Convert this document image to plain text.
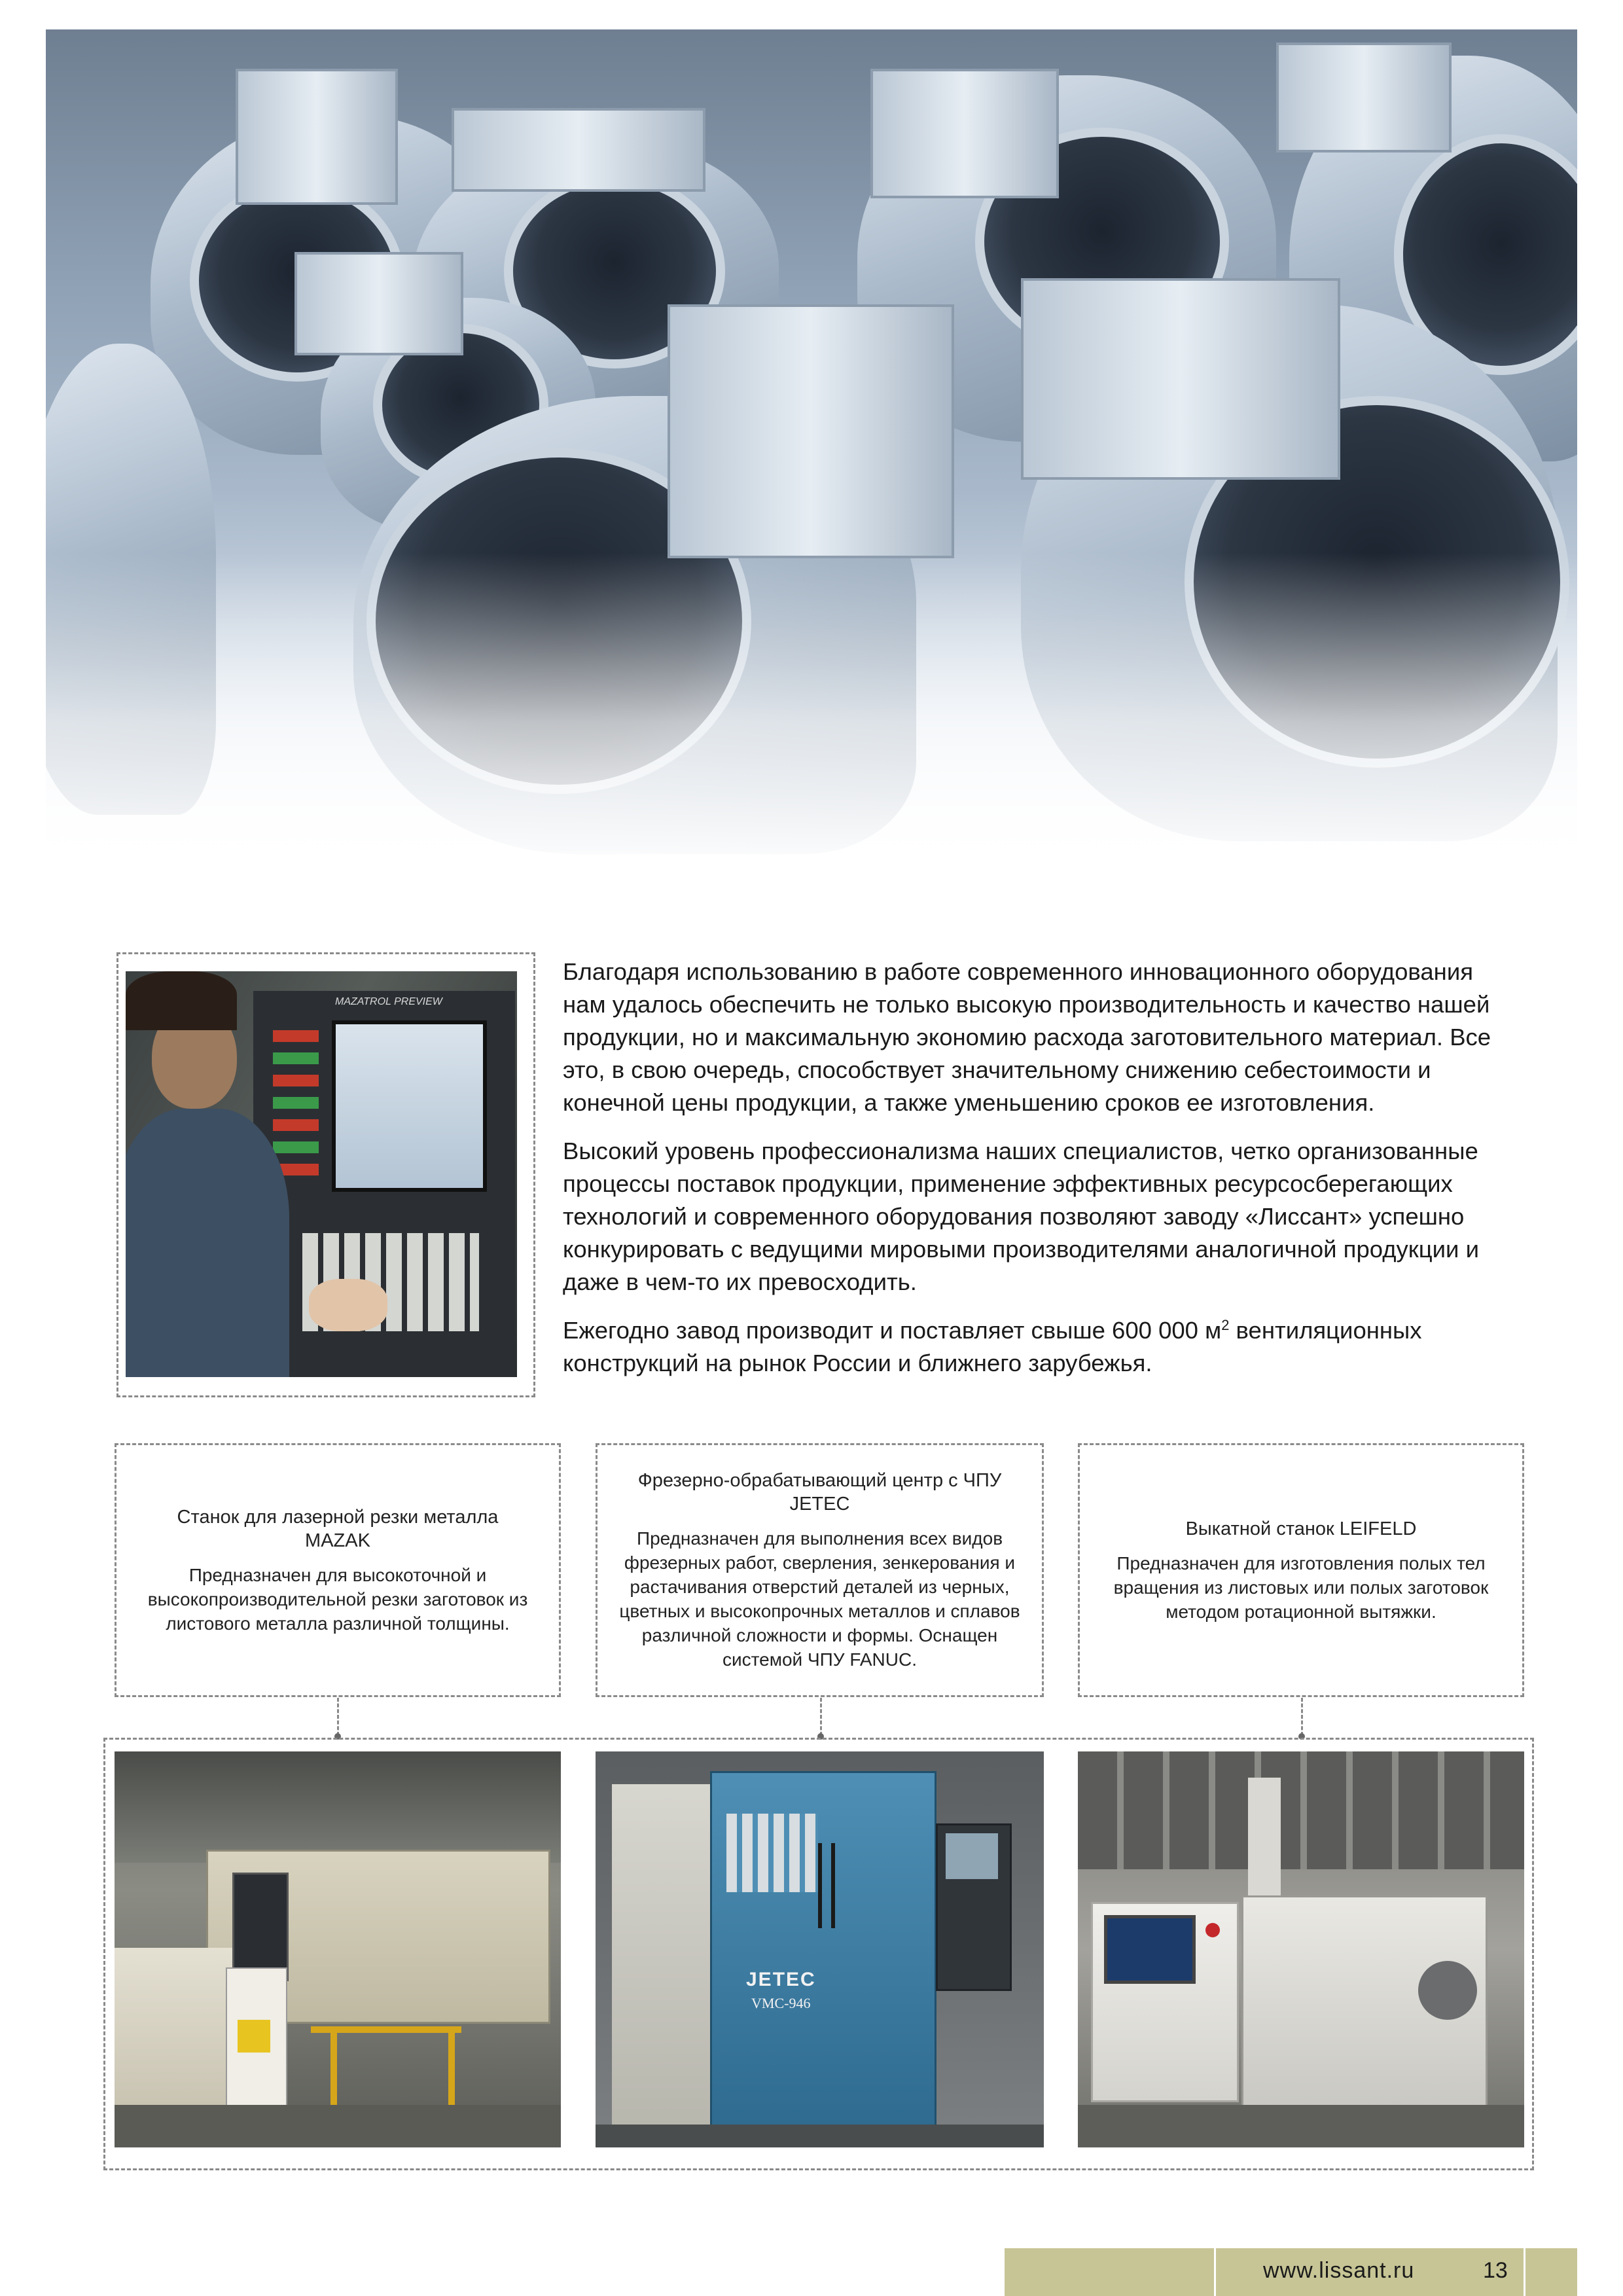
MAZATROL PREVIEW

Благодаря использованию в работе современного инновационного оборудования нам удалось обеспечить не только высокую производительность и качество нашей продукции, но и максимальную экономию расхода заготовительного материал. Все это, в свою очередь, способствует значительному снижению себестоимости и конечной цены продукции, а также уменьшению сроков ее изготовления.

Высокий уровень профессионализма наших специалистов, четко организованные процессы поставок продукции, применение эффективных ресурсосберегающих технологий и современного оборудования позволяют заводу «Лиссант» успешно конкурировать с ведущими мировыми производителями аналогичной продукции и даже в чем-то их превосходить.

Ежегодно завод производит и поставляет свыше 600 000 $м^2$ вентиляционных конструкций на рынок России и ближнего зарубежья.

Станок для лазерной резки металла MAZAK
Предназначен для высокоточной и высокопроизводительной резки заготовок из листового металла различной толщины.
Фрезерно-обрабатывающий центр с ЧПУ JETEC
Предназначен для выполнения всех видов фрезерных работ, сверления, зенкерования и растачивания отверстий деталей из черных, цветных и высокопрочных металлов и сплавов различной сложности и формы. Оснащен системой ЧПУ FANUC.
Выкатной станок LEIFELD
Предназначен для изготовления полых тел вращения из листовых или полых заготовок методом ротационной вытяжки.
JETEC
VMC-946
www.lissant.ru	13
